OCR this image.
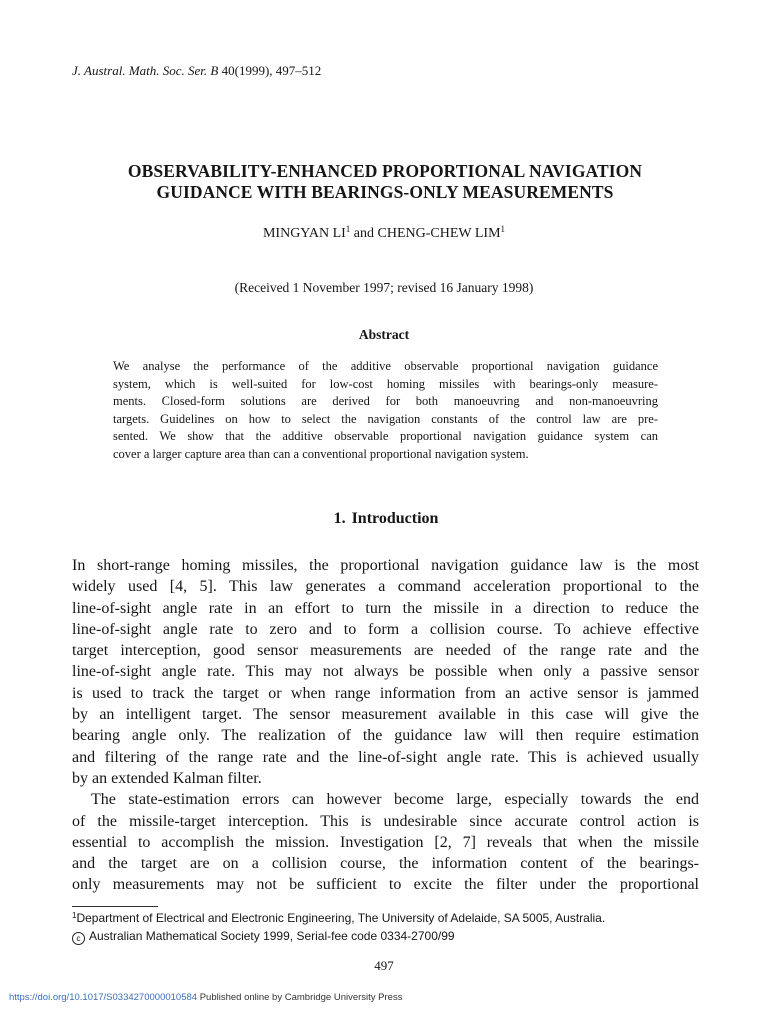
J. Austral. Math. Soc. Ser. B 40(1999), 497–512
OBSERVABILITY-ENHANCED PROPORTIONAL NAVIGATION
GUIDANCE WITH BEARINGS-ONLY MEASUREMENTS
MINGYAN $LI^1$ and CHENG-CHEW LIM$^1$
(Received 1 November 1997; revised 16 January 1998)
Abstract
We analyse the performance of the additive observable proportional navigation guidance
system, which is well-suited for low-cost homing missiles with bearings-only measure-
ments. Closed-form solutions are derived for both manoeuvring and non-manoeuvring
targets. Guidelines on how to select the navigation constants of the control law are pre-
sented. We show that the additive observable proportional navigation guidance system can
cover a larger capture area than can a conventional proportional navigation system.
1. Introduction
In short-range homing missiles, the proportional navigation guidance law is the most
widely used [4, 5]. This law generates a command acceleration proportional to the
line-of-sight angle rate in an effort to turn the missile in a direction to reduce the
line-of-sight angle rate to zero and to form a collision course. To achieve effective
target interception, good sensor measurements are needed of the range rate and the
line-of-sight angle rate. This may not always be possible when only a passive sensor
is used to track the target or when range information from an active sensor is jammed
by an intelligent target. The sensor measurement available in this case will give the
bearing angle only. The realization of the guidance law will then require estimation
and filtering of the range rate and the line-of-sight angle rate. This is achieved usually
by an extended Kalman filter.
The state-estimation errors can however become large, especially towards the end
of the missile-target interception. This is undesirable since accurate control action is
essential to accomplish the mission. Investigation [2, 7] reveals that when the missile
and the target are on a collision course, the information content of the bearings-
only measurements may not be sufficient to excite the filter under the proportional
$^1$Department of Electrical and Electronic Engineering, The University of Adelaide, SA 5005, Australia.
c Australian Mathematical Society 1999, Serial-fee code 0334-2700/99
497
https://doi.org/10.1017/S0334270000010584 Published online by Cambridge University Press
